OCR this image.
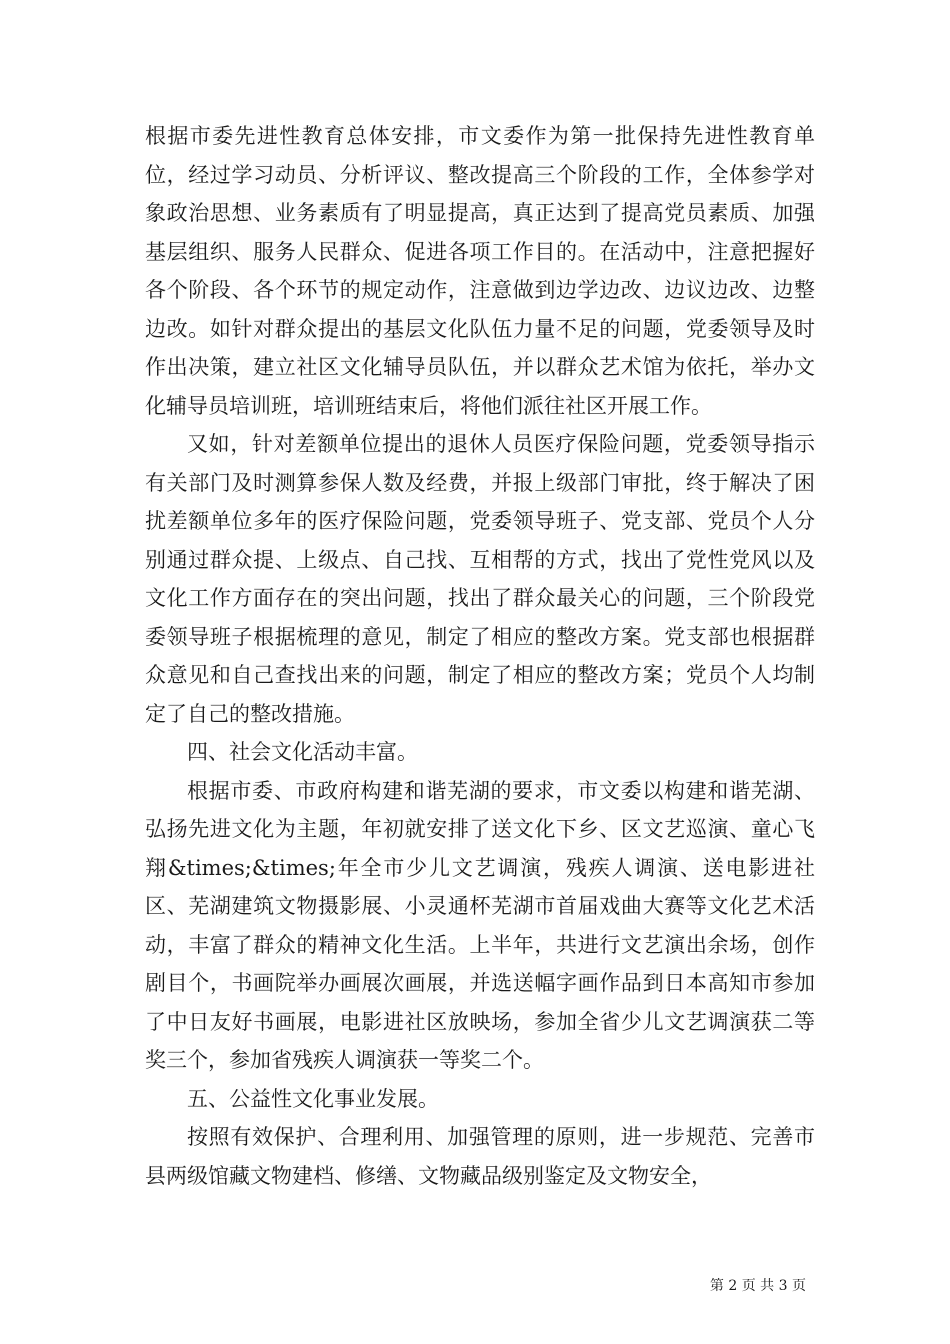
根据市委先进性教育总体安排，市文委作为第一批保持先进性教育单位，经过学习动员、分析评议、整改提高三个阶段的工作，全体参学对象政治思想、业务素质有了明显提高，真正达到了提高党员素质、加强基层组织、服务人民群众、促进各项工作目的。在活动中，注意把握好各个阶段、各个环节的规定动作，注意做到边学边改、边议边改、边整边改。如针对群众提出的基层文化队伍力量不足的问题，党委领导及时作出决策，建立社区文化辅导员队伍，并以群众艺术馆为依托，举办文化辅导员培训班，培训班结束后，将他们派往社区开展工作。

又如，针对差额单位提出的退休人员医疗保险问题，党委领导指示有关部门及时测算参保人数及经费，并报上级部门审批，终于解决了困扰差额单位多年的医疗保险问题，党委领导班子、党支部、党员个人分别通过群众提、上级点、自己找、互相帮的方式，找出了党性党风以及文化工作方面存在的突出问题，找出了群众最关心的问题，三个阶段党委领导班子根据梳理的意见，制定了相应的整改方案。党支部也根据群众意见和自己查找出来的问题，制定了相应的整改方案；党员个人均制定了自己的整改措施。

四、社会文化活动丰富。

根据市委、市政府构建和谐芜湖的要求，市文委以构建和谐芜湖、弘扬先进文化为主题，年初就安排了送文化下乡、区文艺巡演、童心飞翔&times;&times;年全市少儿文艺调演，残疾人调演、送电影进社区、芜湖建筑文物摄影展、小灵通杯芜湖市首届戏曲大赛等文化艺术活动，丰富了群众的精神文化生活。上半年，共进行文艺演出余场，创作剧目个，书画院举办画展次画展，并选送幅字画作品到日本高知市参加了中日友好书画展，电影进社区放映场，参加全省少儿文艺调演获二等奖三个，参加省残疾人调演获一等奖二个。

五、公益性文化事业发展。

按照有效保护、合理利用、加强管理的原则，进一步规范、完善市县两级馆藏文物建档、修缮、文物藏品级别鉴定及文物安全，

第 2 页 共 3 页
